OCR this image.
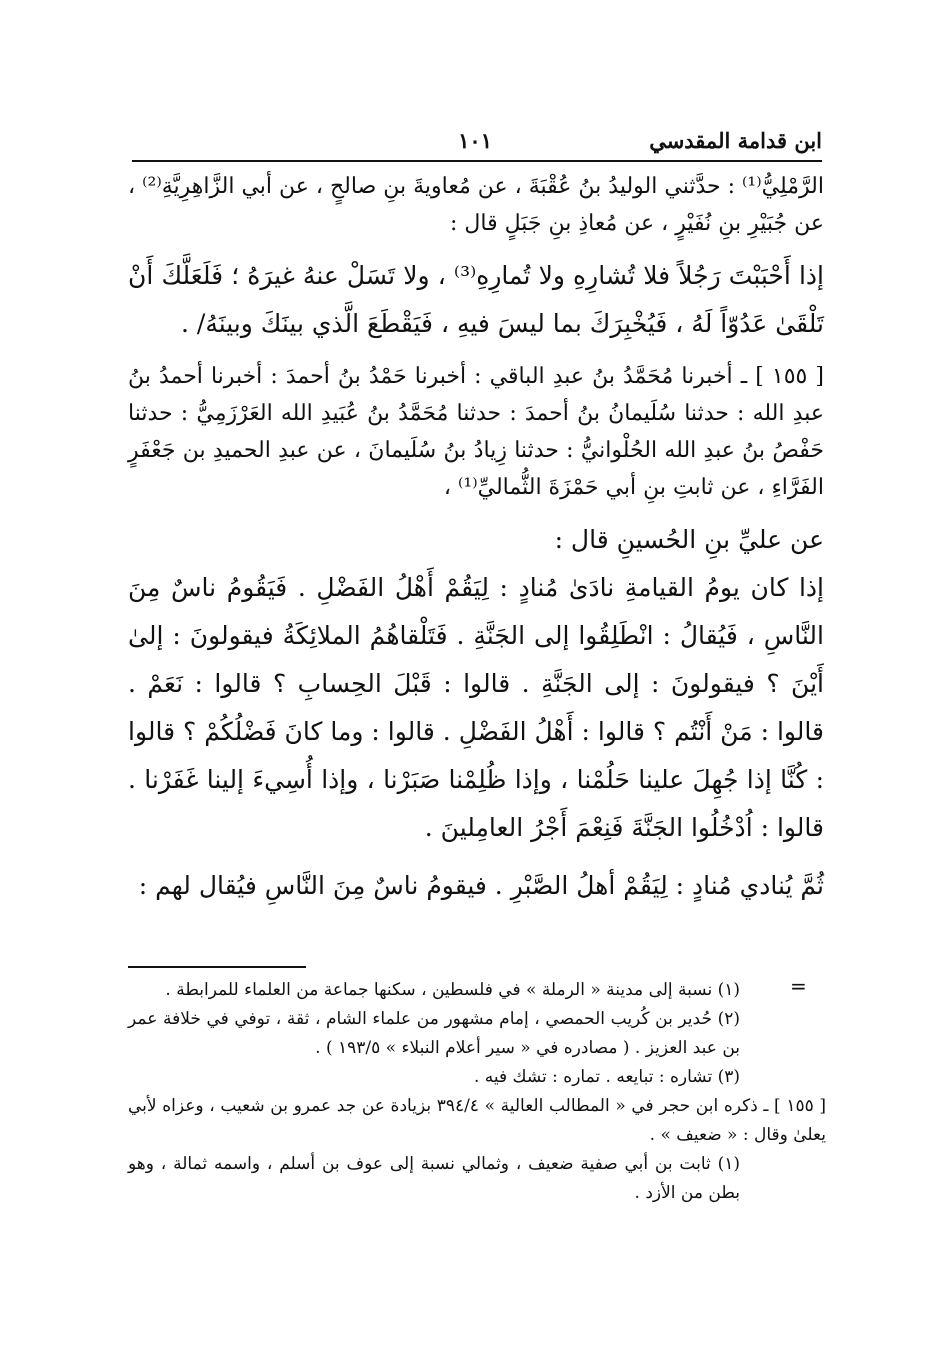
ابن قدامة المقدسي
١٠١

الرَّمْلِيُّ⁽¹⁾ : حدَّثني الوليدُ بنُ عُقْبَةَ ، عن مُعاويةَ بنِ صالحٍ ، عن أبي الزَّاهِرِيَّةِ⁽²⁾ ، عن جُبَيْرِ بنِ نُفَيْرٍ ، عن مُعاذِ بنِ جَبَلٍ قال :

إذا أَحْبَبْتَ رَجُلاً فلا تُشارِهِ ولا تُمارِهِ⁽³⁾ ، ولا تَسَلْ عنهُ غيرَهُ ؛ فَلَعَلَّكَ أَنْ تَلْقَىٰ عَدُوّاً لَهُ ، فَيُخْبِرَكَ بما ليسَ فيهِ ، فَيَقْطَعَ الَّذي بينَكَ وبينَهُ/ .

[ ١٥٥ ] ـ أخبرنا مُحَمَّدُ بنُ عبدِ الباقي : أخبرنا حَمْدُ بنُ أحمدَ : أخبرنا أحمدُ بنُ عبدِ الله : حدثنا سُلَيمانُ بنُ أحمدَ : حدثنا مُحَمَّدُ بنُ عُبَيدِ الله العَرْزَمِيُّ : حدثنا حَفْصُ بنُ عبدِ الله الحُلْوانيُّ : حدثنا زِيادُ بنُ سُلَيمانَ ، عن عبدِ الحميدِ بن جَعْفَرٍ الفَرَّاءِ ، عن ثابتِ بنِ أبي حَمْزَةَ الثُّماليِّ⁽¹⁾ ،

عن عليِّ بنِ الحُسينِ قال :

إذا كان يومُ القيامةِ نادَىٰ مُنادٍ : لِيَقُمْ أَهْلُ الفَضْلِ . فَيَقُومُ ناسٌ مِنَ النَّاسِ ، فَيُقالُ : انْطَلِقُوا إلى الجَنَّةِ . فَتَلْقاهُمُ الملائِكَةُ فيقولونَ : إلىٰ أَيْنَ ؟ فيقولونَ : إلى الجَنَّةِ . قالوا : قَبْلَ الحِسابِ ؟ قالوا : نَعَمْ . قالوا : مَنْ أَنْتُم ؟ قالوا : أَهْلُ الفَضْلِ . قالوا : وما كانَ فَضْلُكُمْ ؟ قالوا : كُنَّا إذا جُهِلَ علينا حَلُمْنا ، وإذا ظُلِمْنا صَبَرْنا ، وإذا أُسِيءَ إلينا غَفَرْنا . قالوا : اُدْخُلُوا الجَنَّةَ فَنِعْمَ أَجْرُ العامِلينَ .

ثُمَّ يُنادي مُنادٍ : لِيَقُمْ أهلُ الصَّبْرِ . فيقومُ ناسٌ مِنَ النَّاسِ فيُقال لهم :

=

(١) نسبة إلى مدينة « الرملة » في فلسطين ، سكنها جماعة من العلماء للمرابطة .

(٢) حُدير بن كُريب الحمصي ، إمام مشهور من علماء الشام ، ثقة ، توفي في خلافة عمر بن عبد العزيز . ( مصادره في « سير أعلام النبلاء » ١٩٣/٥ ) .

(٣) تشاره : تبايعه . تماره : تشك فيه .

[ ١٥٥ ] ـ ذكره ابن حجر في « المطالب العالية » ٣٩٤/٤ بزيادة عن جد عمرو بن شعيب ، وعزاه لأبي يعلىٰ وقال : « ضعيف » .

(١) ثابت بن أبي صفية ضعيف ، وثمالي نسبة إلى عوف بن أسلم ، واسمه ثمالة ، وهو بطن من الأزد .
